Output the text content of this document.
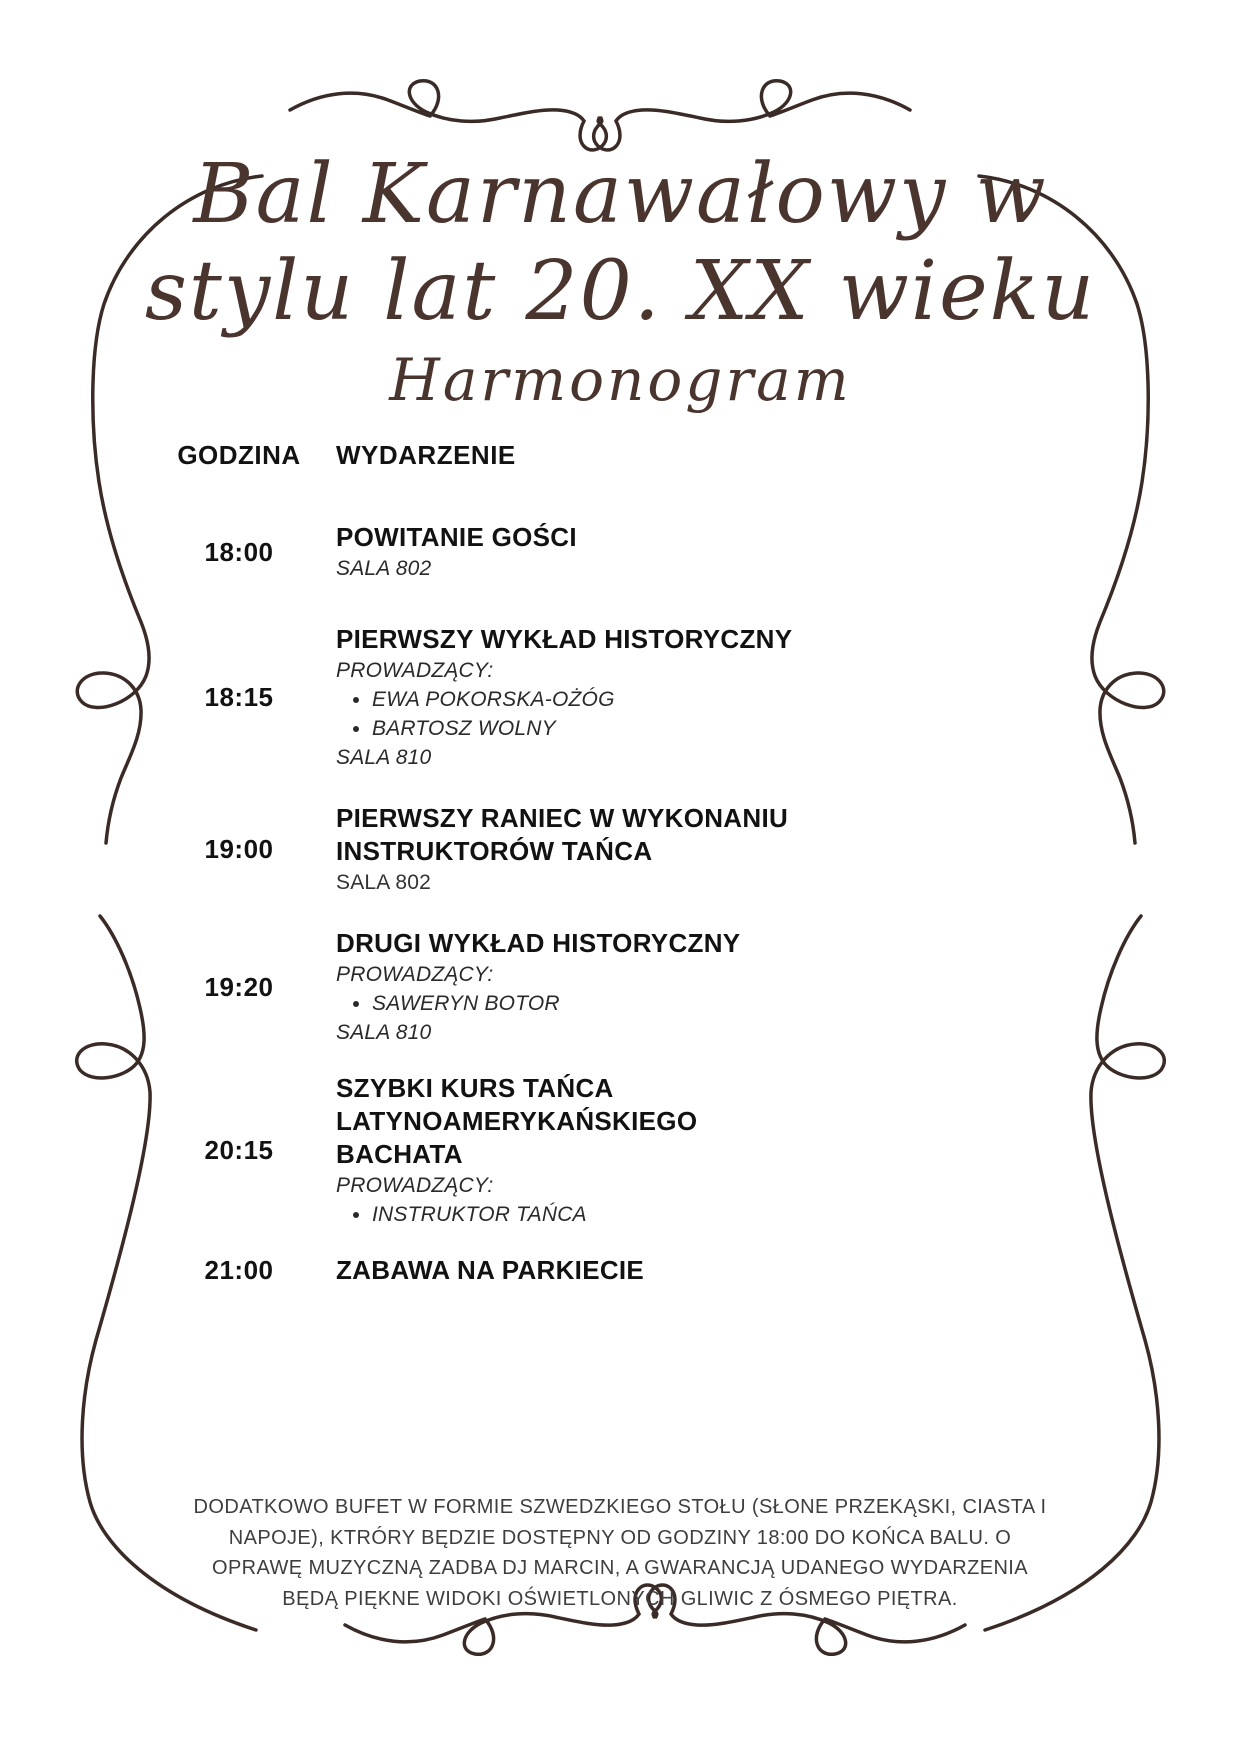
Bal Karnawałowy w
stylu lat 20. XX wieku
Harmonogram
GODZINA WYDARZENIE
18:00 POWITANIE GOŚCI
SALA 802
18:15
PIERWSZY WYKŁAD HISTORYCZNY
PROWADZĄCY:
• EWA POKORSKA-OŻÓG
• BARTOSZ WOLNY
SALA 810
19:00
PIERWSZY RANIEC W WYKONANIU INSTRUKTORÓW TAŃCA
SALA 802
19:20
DRUGI WYKŁAD HISTORYCZNY
PROWADZĄCY:
• SAWERYN BOTOR
SALA 810
20:15
SZYBKI KURS TAŃCA LATYNOAMERYKAŃSKIEGO BACHATA
PROWADZĄCY:
• INSTRUKTOR TAŃCA
21:00 ZABAWA NA PARKIECIE
DODATKOWO BUFET W FORMIE SZWEDZKIEGO STOŁU (SŁONE PRZEKĄSKI, CIASTA I NAPOJE), KTRÓRY BĘDZIE DOSTĘPNY OD GODZINY 18:00 DO KOŃCA BALU. O OPRAWĘ MUZYCZNĄ ZADBA DJ MARCIN, A GWARANCJĄ UDANEGO WYDARZENIA BĘDĄ PIĘKNE WIDOKI OŚWIETLONYCH GLIWIC Z ÓSMEGO PIĘTRA.
